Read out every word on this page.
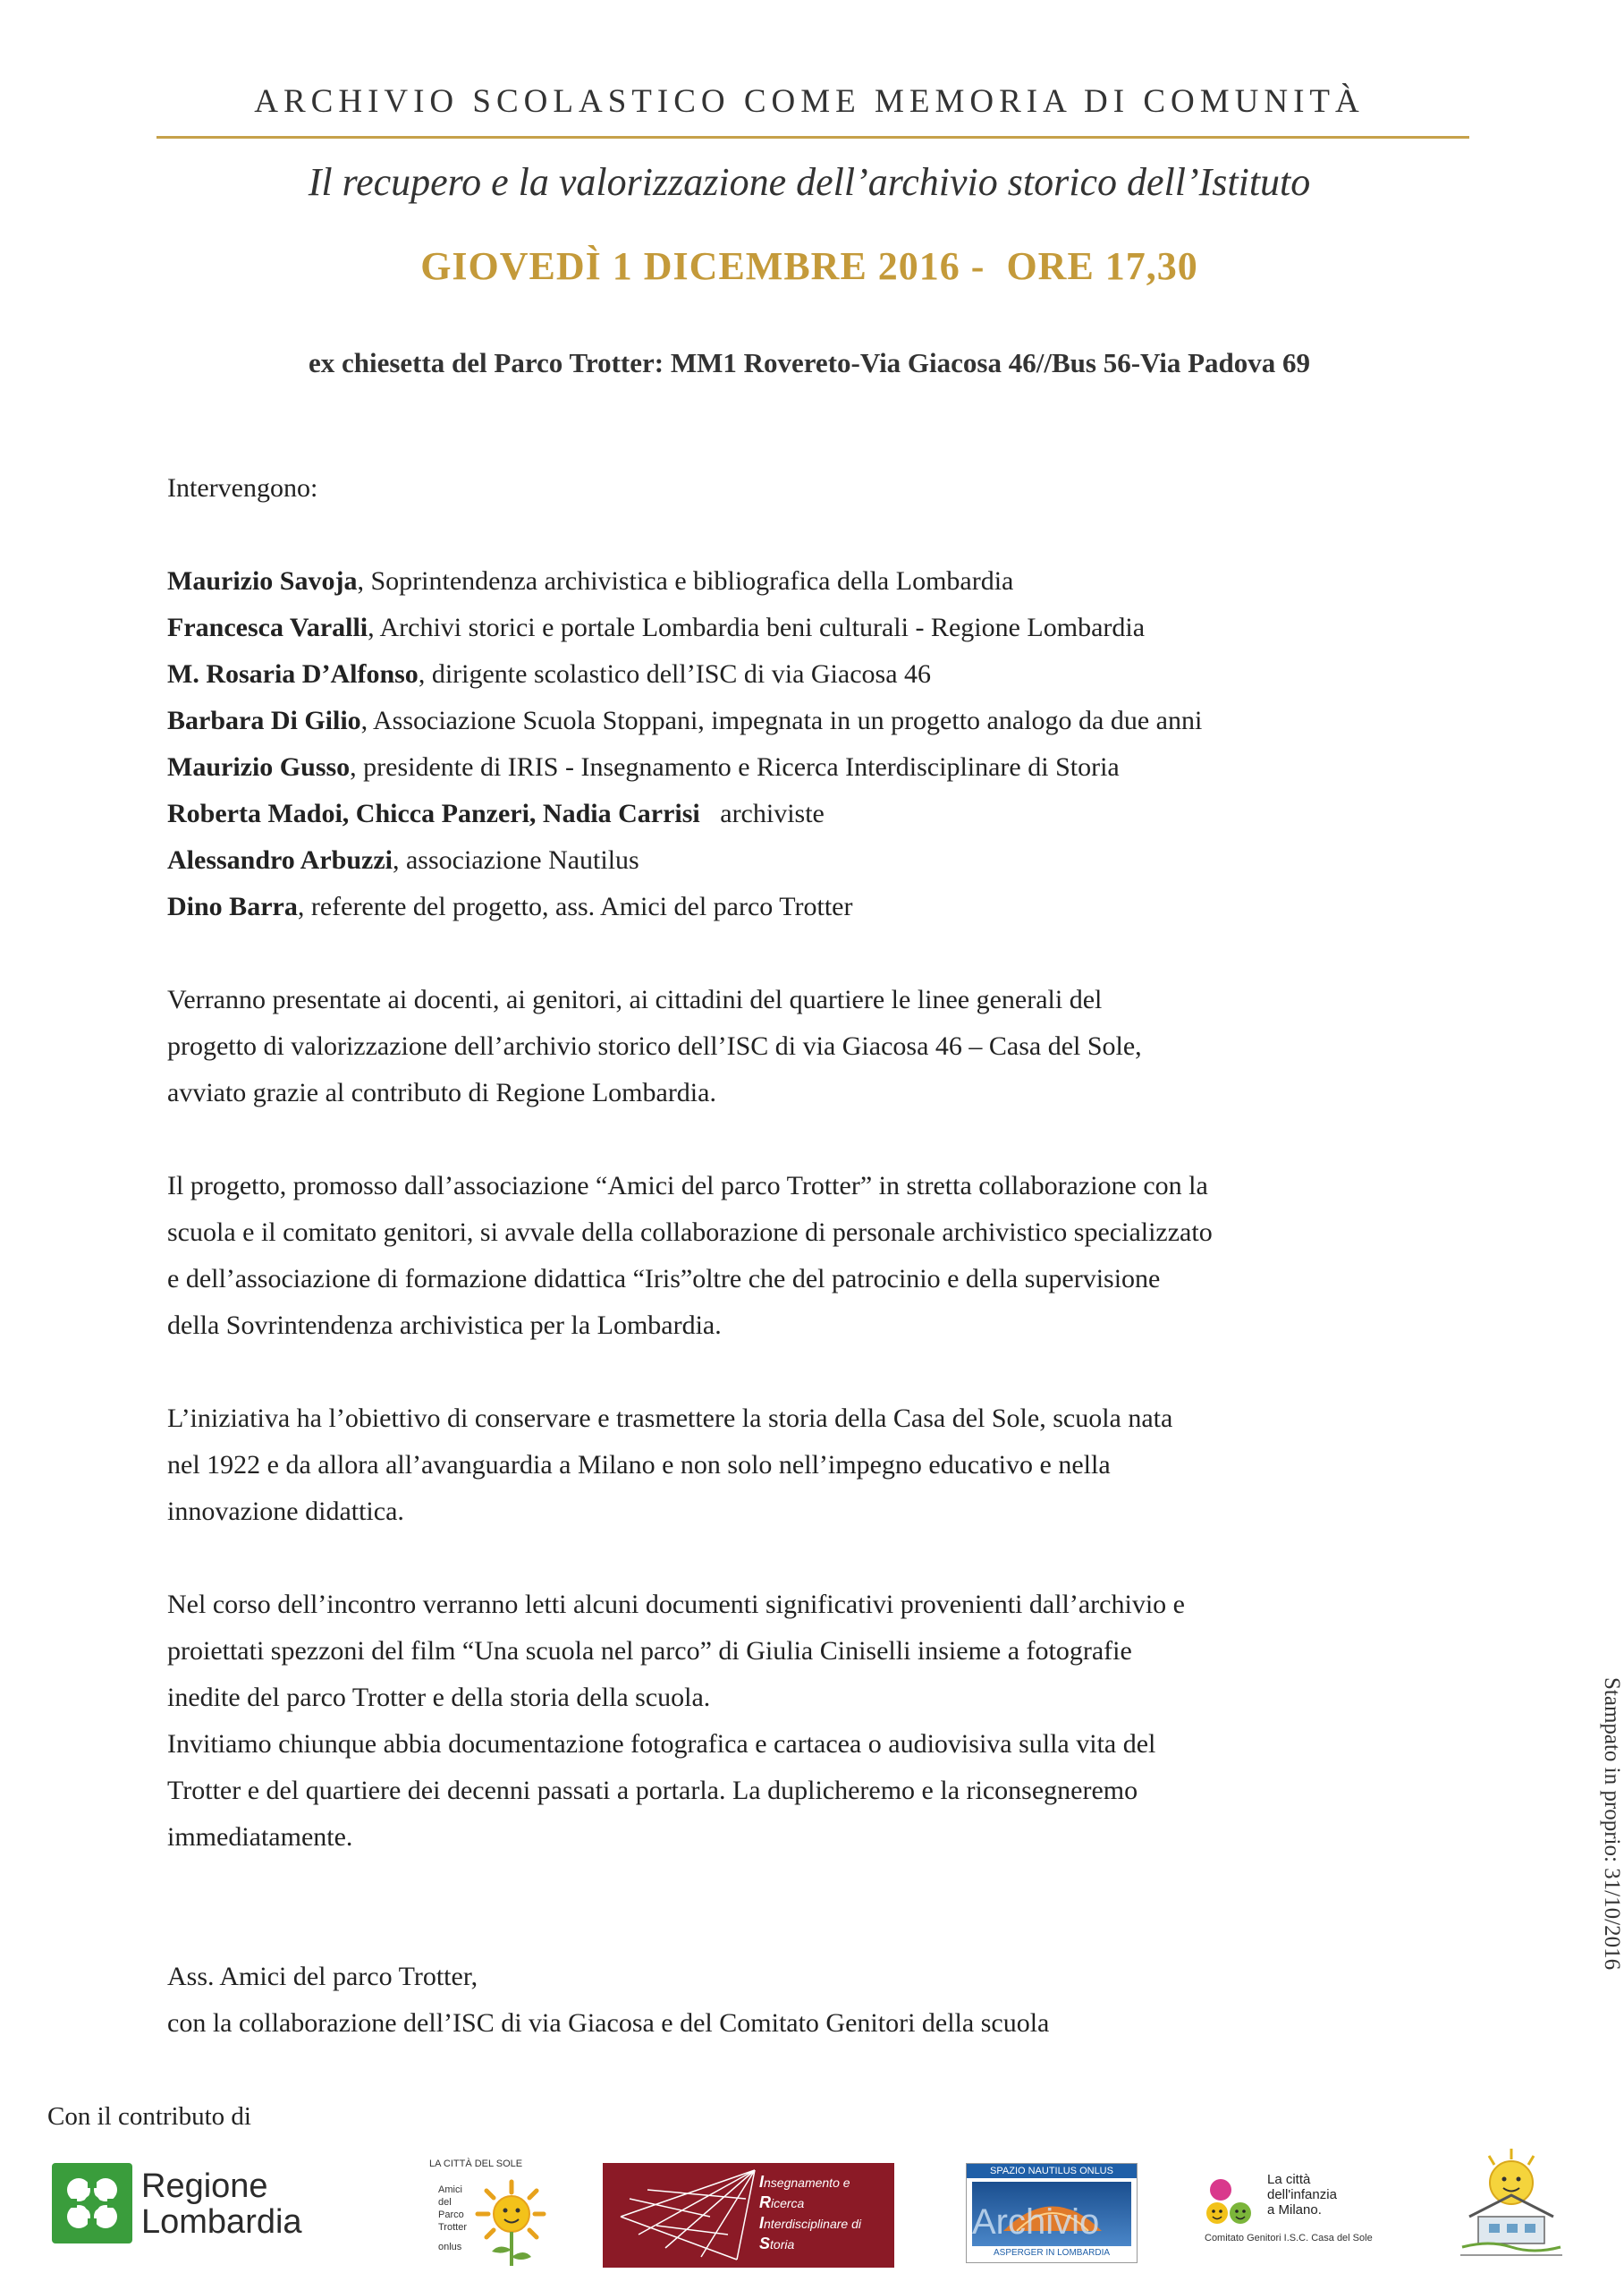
ARCHIVIO SCOLASTICO COME MEMORIA DI COMUNITÀ
Il recupero e la valorizzazione dell’archivio storico dell’Istituto
GIOVEDÌ 1 DICEMBRE 2016 -  ORE 17,30
ex chiesetta del Parco Trotter: MM1 Rovereto-Via Giacosa 46//Bus 56-Via Padova 69

Intervengono:

Maurizio Savoja, Soprintendenza archivistica e bibliografica della Lombardia

Francesca Varalli, Archivi storici e portale Lombardia beni culturali - Regione Lombardia

M. Rosaria D’Alfonso, dirigente scolastico dell’ISC di via Giacosa 46

Barbara Di Gilio, Associazione Scuola Stoppani, impegnata in un progetto analogo da due anni

Maurizio Gusso, presidente di IRIS - Insegnamento e Ricerca Interdisciplinare di Storia

Roberta Madoi, Chicca Panzeri, Nadia Carrisi   archiviste

Alessandro Arbuzzi, associazione Nautilus

Dino Barra, referente del progetto, ass. Amici del parco Trotter

Verranno presentate ai docenti, ai genitori, ai cittadini del quartiere le linee generali del

progetto di valorizzazione dell’archivio storico dell’ISC di via Giacosa 46 – Casa del Sole,

avviato grazie al contributo di Regione Lombardia.

Il progetto, promosso dall’associazione “Amici del parco Trotter” in stretta collaborazione con la

scuola e il comitato genitori, si avvale della collaborazione di personale archivistico specializzato

e dell’associazione di formazione didattica “Iris”oltre che del patrocinio e della supervisione

della Sovrintendenza archivistica per la Lombardia.

L’iniziativa ha l’obiettivo di conservare e trasmettere la storia della Casa del Sole, scuola nata

nel 1922 e da allora all’avanguardia a Milano e non solo nell’impegno educativo e nella

innovazione didattica.

Nel corso dell’incontro verranno letti alcuni documenti significativi provenienti dall’archivio e

proiettati spezzoni del film “Una scuola nel parco” di Giulia Ciniselli insieme a fotografie

inedite del parco Trotter e della storia della scuola.

Invitiamo chiunque abbia documentazione fotografica e cartacea o audiovisiva sulla vita del

Trotter e del quartiere dei decenni passati a portarla. La duplicheremo e la riconsegneremo

immediatamente.

Ass. Amici del parco Trotter,

con la collaborazione dell’ISC di via Giacosa e del Comitato Genitori della scuola

Stampato in proprio: 31/10/2016
Con il contributo di
Regione
Lombardia
LA CITTÀ DEL SOLE
Amici
del
Parco
Trotter
onlus
Insegnamento e
Ricerca
Interdisciplinare di
Storia
SPAZIO NAUTILUS ONLUS
Archivio
ASPERGER IN LOMBARDIA
La città
dell'infanzia
a Milano.
Comitato Genitori I.S.C. Casa del Sole
